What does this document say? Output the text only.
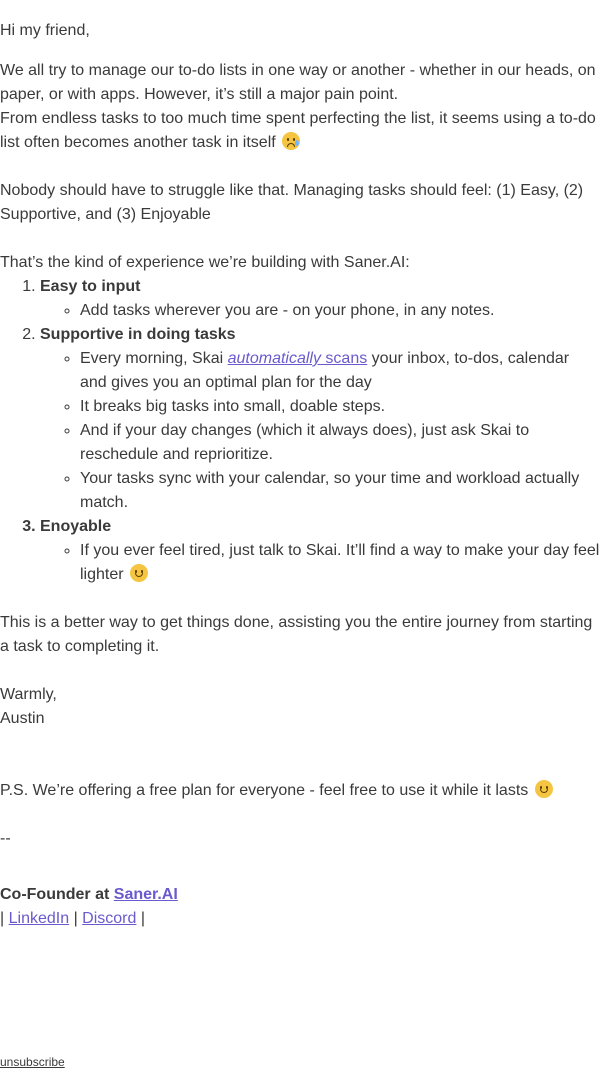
Hi my friend,

We all try to manage our to-do lists in one way or another - whether in our heads, on paper, or with apps. However, it’s still a major pain point.
From endless tasks to too much time spent perfecting the list, it seems using a to-do list often becomes another task in itself

Nobody should have to struggle like that. Managing tasks should feel: (1) Easy, (2) Supportive, and (3) Enjoyable

That’s the kind of experience we’re building with Saner.AI:

1. Easy to input
◦ Add tasks wherever you are - on your phone, in any notes.
2. Supportive in doing tasks
◦ Every morning, Skai automatically scans your inbox, to-dos, calendar and gives you an optimal plan for the day
◦ It breaks big tasks into small, doable steps.
◦ And if your day changes (which it always does), just ask Skai to reschedule and reprioritize.
◦ Your tasks sync with your calendar, so your time and workload actually match.
3. Enoyable
◦ If you ever feel tired, just talk to Skai. It’ll find a way to make your day feel lighter

This is a better way to get things done, assisting you the entire journey from starting a task to completing it.

Warmly,
Austin

P.S. We’re offering a free plan for everyone - feel free to use it while it lasts

--

Co-Founder at Saner.AI
| LinkedIn | Discord |

unsubscribe
